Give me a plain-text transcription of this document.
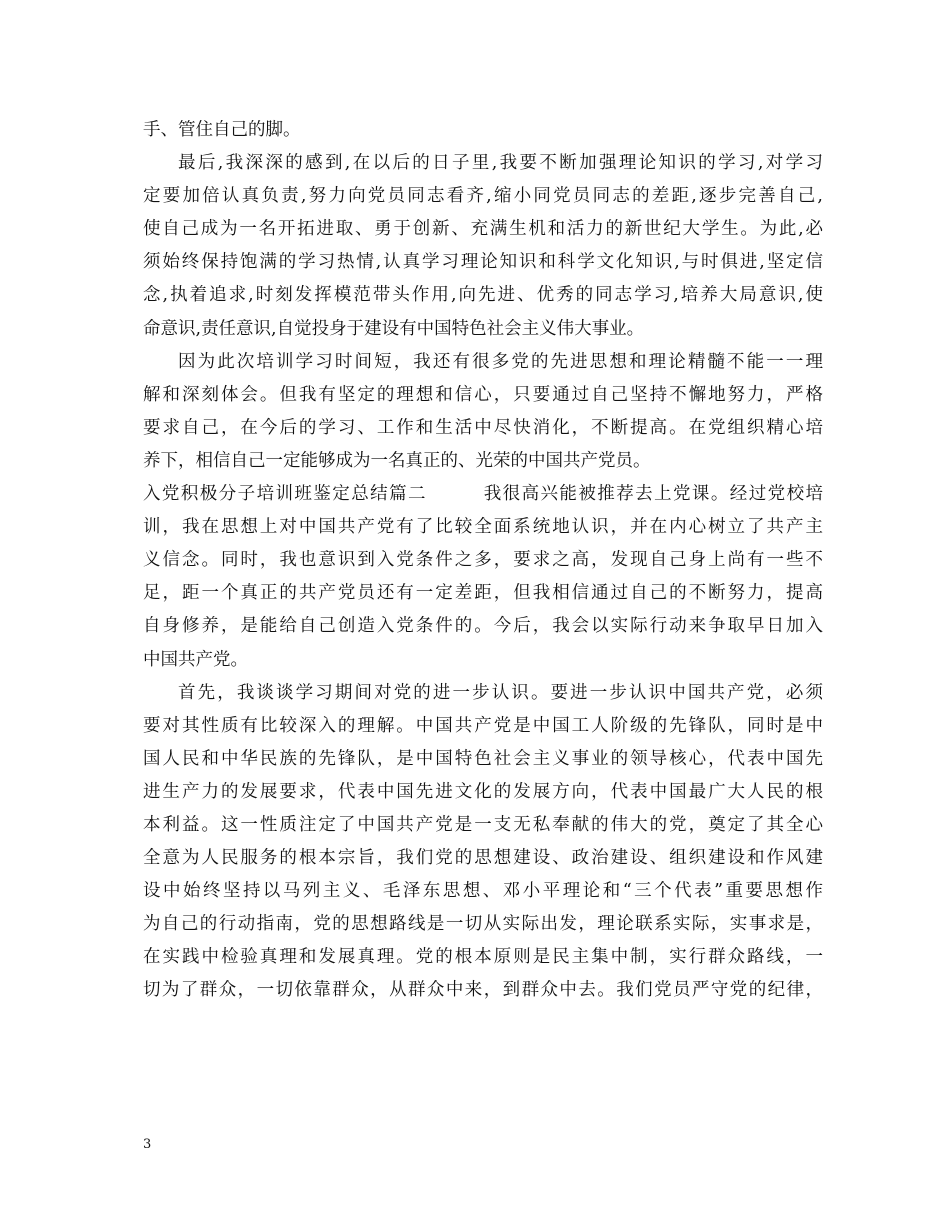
手、管住自己的脚。
最后,我深深的感到,在以后的日子里,我要不断加强理论知识的学习,对学习
定要加倍认真负责,努力向党员同志看齐,缩小同党员同志的差距,逐步完善自己,
使自己成为一名开拓进取、勇于创新、充满生机和活力的新世纪大学生。为此,必
须始终保持饱满的学习热情,认真学习理论知识和科学文化知识,与时俱进,坚定信
念,执着追求,时刻发挥模范带头作用,向先进、优秀的同志学习,培养大局意识,使
命意识,责任意识,自觉投身于建设有中国特色社会主义伟大事业。
因为此次培训学习时间短，我还有很多党的先进思想和理论精髓不能一一理
解和深刻体会。但我有坚定的理想和信心，只要通过自己坚持不懈地努力，严格
要求自己，在今后的学习、工作和生活中尽快消化，不断提高。在党组织精心培
养下，相信自己一定能够成为一名真正的、光荣的中国共产党员。
入党积极分子培训班鉴定总结篇二　　　我很高兴能被推荐去上党课。经过党校培
训，我在思想上对中国共产党有了比较全面系统地认识，并在内心树立了共产主
义信念。同时，我也意识到入党条件之多，要求之高，发现自己身上尚有一些不
足，距一个真正的共产党员还有一定差距，但我相信通过自己的不断努力，提高
自身修养，是能给自己创造入党条件的。今后，我会以实际行动来争取早日加入
中国共产党。
首先，我谈谈学习期间对党的进一步认识。要进一步认识中国共产党，必须
要对其性质有比较深入的理解。中国共产党是中国工人阶级的先锋队，同时是中
国人民和中华民族的先锋队，是中国特色社会主义事业的领导核心，代表中国先
进生产力的发展要求，代表中国先进文化的发展方向，代表中国最广大人民的根
本利益。这一性质注定了中国共产党是一支无私奉献的伟大的党，奠定了其全心
全意为人民服务的根本宗旨，我们党的思想建设、政治建设、组织建设和作风建
设中始终坚持以马列主义、毛泽东思想、邓小平理论和“三个代表”重要思想作
为自己的行动指南，党的思想路线是一切从实际出发，理论联系实际，实事求是，
在实践中检验真理和发展真理。党的根本原则是民主集中制，实行群众路线，一
切为了群众，一切依靠群众，从群众中来，到群众中去。我们党员严守党的纪律，
3
